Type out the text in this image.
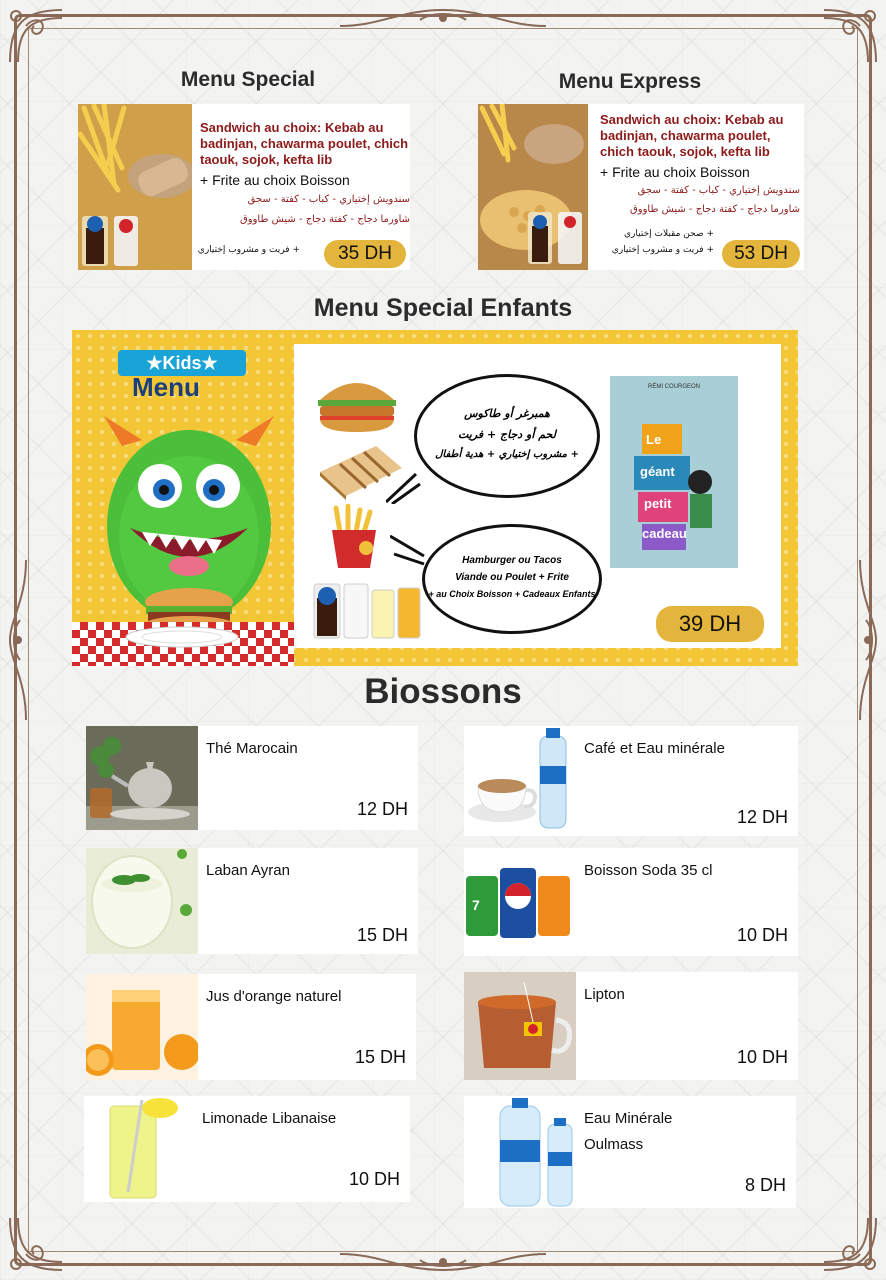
Menu Special	Menu Express
Sandwich au choix: Kebab au badinjan, chawarma poulet, chich taouk, sojok, kefta lib
+ Frite au choix Boisson
سندويش إختياري - كباب - كفتة - سجق
شاورما دجاج - كفتة دجاج - شيش طاووق
+ فريت و مشروب إختياري	35 DH
Sandwich au choix: Kebab au badinjan, chawarma poulet, chich taouk, sojok, kefta lib
+ Frite au choix Boisson
سندويش إختياري - كباب - كفتة - سجق
شاورما دجاج - كفتة دجاج - شيش طاووق
+ صحن مقبلات إختياري
+ فريت و مشروب إختياري	53 DH
Menu Special Enfants
★Kids★
Menu
همبرغر أو طاكوس
لحم أو دجاج + فريت
+ مشروب إختياري + هدية أطفال
Hamburger ou Tacos
Viande ou Poulet + Frite
+ au Choix Boisson + Cadeaux Enfants
RÉMI COURGEON
Le
géant
petit
cadeau
39 DH
Biossons
Thé Marocain
12 DH
Café et Eau minérale
12 DH
Laban Ayran
15 DH
7
Boisson Soda 35 cl
10 DH
Jus d'orange naturel
15 DH
Lipton
10 DH
Limonade Libanaise
10 DH
Eau Minérale
Oulmass
8 DH
